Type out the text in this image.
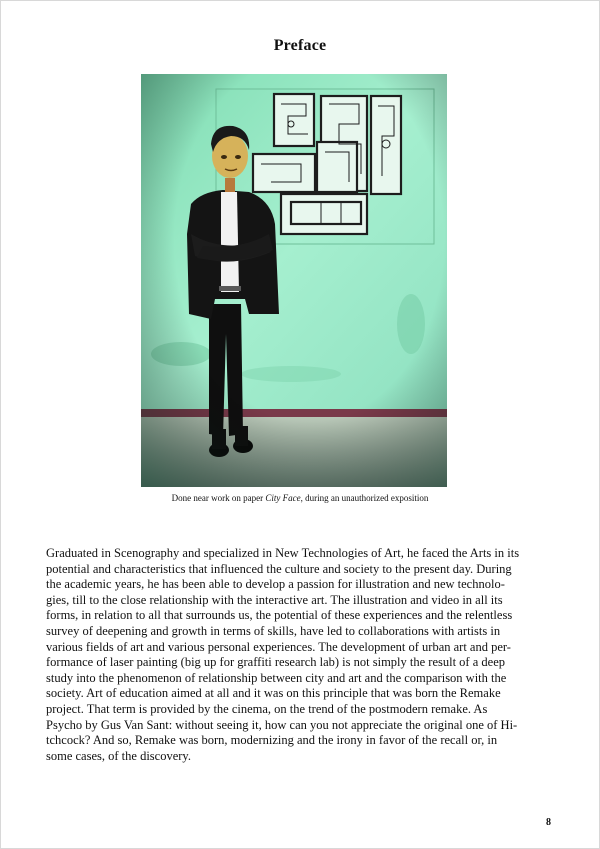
Preface
Done near work on paper City Face, during an unauthorized exposition
Graduated in Scenography and specialized in New Technologies of Art, he faced the Arts in its
potential and characteristics that influenced the culture and society to the present day. During
the academic years, he has been able to develop a passion for illustration and new technolo-
gies, till to the close relationship with the interactive art. The illustration and video in all its
forms, in relation to all that surrounds us, the potential of these experiences and the relentless
survey of deepening and growth in terms of skills, have led to collaborations with artists in
various fields of art and various personal experiences. The development of urban art and per-
formance of laser painting (big up for graffiti research lab) is not simply the result of a deep
study into the phenomenon of relationship between city and art and the comparison with the
society. Art of education aimed at all and it was on this principle that was born the Remake
project. That term is provided by the cinema, on the trend of the postmodern remake. As
Psycho by Gus Van Sant: without seeing it, how can you not appreciate the original one of Hi-
tchcock? And so, Remake was born, modernizing and the irony in favor of the recall or, in
some cases, of the discovery.
8
